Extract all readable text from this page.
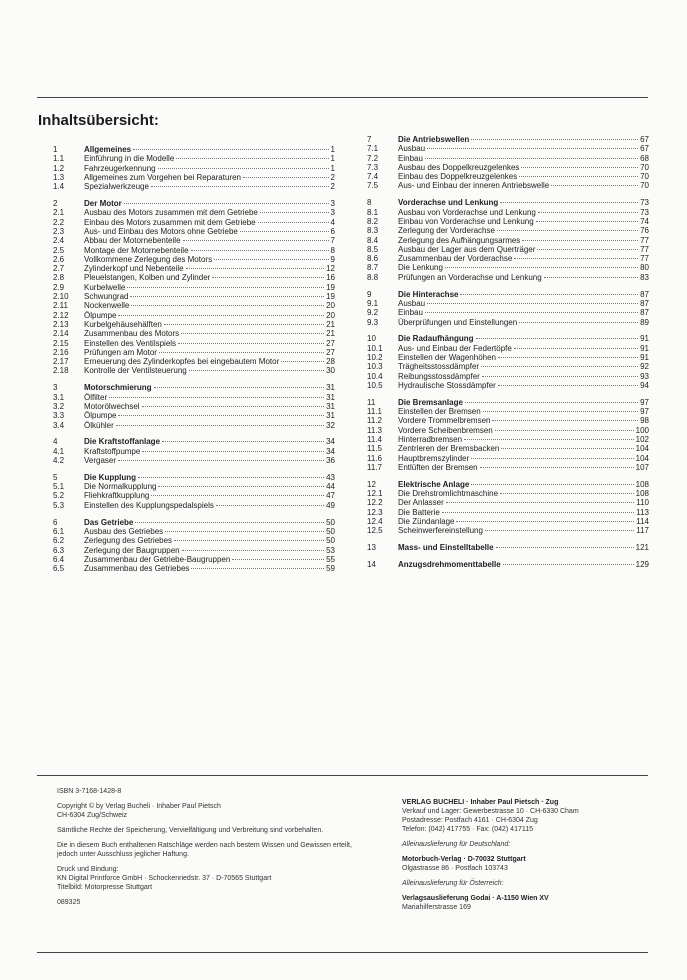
Inhaltsübersicht:
1	Allgemeines	1
1.1	Einführung in die Modelle	1
1.2	Fahrzeugerkennung	1
1.3	Allgemeines zum Vorgehen bei Reparaturen	2
1.4	Spezialwerkzeuge	2
2	Der Motor	3
2.1	Ausbau des Motors zusammen mit dem Getriebe	3
2.2	Einbau des Motors zusammen mit dem Getriebe	4
2.3	Aus- und Einbau des Motors ohne Getriebe	6
2.4	Abbau der Motornebenteile	7
2.5	Montage der Motornebenteile	8
2.6	Vollkommene Zerlegung des Motors	9
2.7	Zylinderkopf und Nebenteile	12
2.8	Pleuelstangen, Kolben und Zylinder	16
2.9	Kurbelwelle	19
2.10	Schwungrad	19
2.11	Nockenwelle	20
2.12	Ölpumpe	20
2.13	Kurbelgehäusehälften	21
2.14	Zusammenbau des Motors	21
2.15	Einstellen des Ventilspiels	27
2.16	Prüfungen am Motor	27
2.17	Erneuerung des Zylinderkopfes bei eingebautem Motor	28
2.18	Kontrolle der Ventilsteuerung	30
3	Motorschmierung	31
3.1	Ölfilter	31
3.2	Motorölwechsel	31
3.3	Ölpumpe	31
3.4	Ölkühler	32
4	Die Kraftstoffanlage	34
4.1	Kraftstoffpumpe	34
4.2	Vergaser	36
5	Die Kupplung	43
5.1	Die Normalkupplung	44
5.2	Fliehkraftkupplung	47
5.3	Einstellen des Kupplungspedalspiels	49
6	Das Getriebe	50
6.1	Ausbau des Getriebes	50
6.2	Zerlegung des Getriebes	50
6.3	Zerlegung der Baugruppen	53
6.4	Zusammenbau der Getriebe-Baugruppen	55
6.5	Zusammenbau des Getriebes	59
7	Die Antriebswellen	67
7.1	Ausbau	67
7.2	Einbau	68
7.3	Ausbau des Doppelkreuzgelenkes	70
7.4	Einbau des Doppelkreuzgelenkes	70
7.5	Aus- und Einbau der inneren Antriebswelle	70
8	Vorderachse und Lenkung	73
8.1	Ausbau von Vorderachse und Lenkung	73
8.2	Einbau von Vorderachse und Lenkung	74
8.3	Zerlegung der Vorderachse	76
8.4	Zerlegung des Aufhängungsarmes	77
8.5	Ausbau der Lager aus dem Querträger	77
8.6	Zusammenbau der Vorderachse	77
8.7	Die Lenkung	80
8.8	Prüfungen an Vorderachse und Lenkung	83
9	Die Hinterachse	87
9.1	Ausbau	87
9.2	Einbau	87
9.3	Überprüfungen und Einstellungen	89
10	Die Radaufhängung	91
10.1	Aus- und Einbau der Federtöpfe	91
10.2	Einstellen der Wagenhöhen	91
10.3	Trägheitsstossdämpfer	92
10.4	Reibungsstossdämpfer	93
10.5	Hydraulische Stossdämpfer	94
11	Die Bremsanlage	97
11.1	Einstellen der Bremsen	97
11.2	Vordere Trommelbremsen	98
11.3	Vordere Scheibenbremsen	100
11.4	Hinterradbremsen	102
11.5	Zentrieren der Bremsbacken	104
11.6	Hauptbremszylinder	104
11.7	Entlüften der Bremsen	107
12	Elektrische Anlage	108
12.1	Die Drehstromlichtmaschine	108
12.2	Der Anlasser	110
12.3	Die Batterie	113
12.4	Die Zündanlage	114
12.5	Scheinwerfereinstellung	117
13	Mass- und Einstelltabelle	121
14	Anzugsdrehmomenttabelle	129

ISBN 3-7168-1428-8

Copyright © by Verlag Bucheli · Inhaber Paul Pietsch
CH-6304 Zug/Schweiz

Sämtliche Rechte der Speicherung, Vervielfältigung und Verbreitung sind vorbehalten.

Die in diesem Buch enthaltenen Ratschläge werden nach bestem Wissen und Gewissen erteilt,
jedoch unter Ausschluss jeglicher Haftung.

Druck und Bindung:
KN Digital Printforce GmbH · Schockenriedstr. 37 · D-70565 Stuttgart
Titelbild: Motorpresse Stuttgart

089325

VERLAG BUCHELI · Inhaber Paul Pietsch · Zug
Verkauf und Lager: Gewerbestrasse 10 · CH-6330 Cham
Postadresse: Postfach 4161 · CH-6304 Zug
Telefon: (042) 417755 · Fax: (042) 417115

Alleinauslieferung für Deutschland:

Motorbuch-Verlag · D-70032 Stuttgart
Olgastrasse 86 · Postfach 103743

Alleinauslieferung für Österreich:

Verlagsauslieferung Godai · A-1150 Wien XV
Mariahilferstrasse 169
